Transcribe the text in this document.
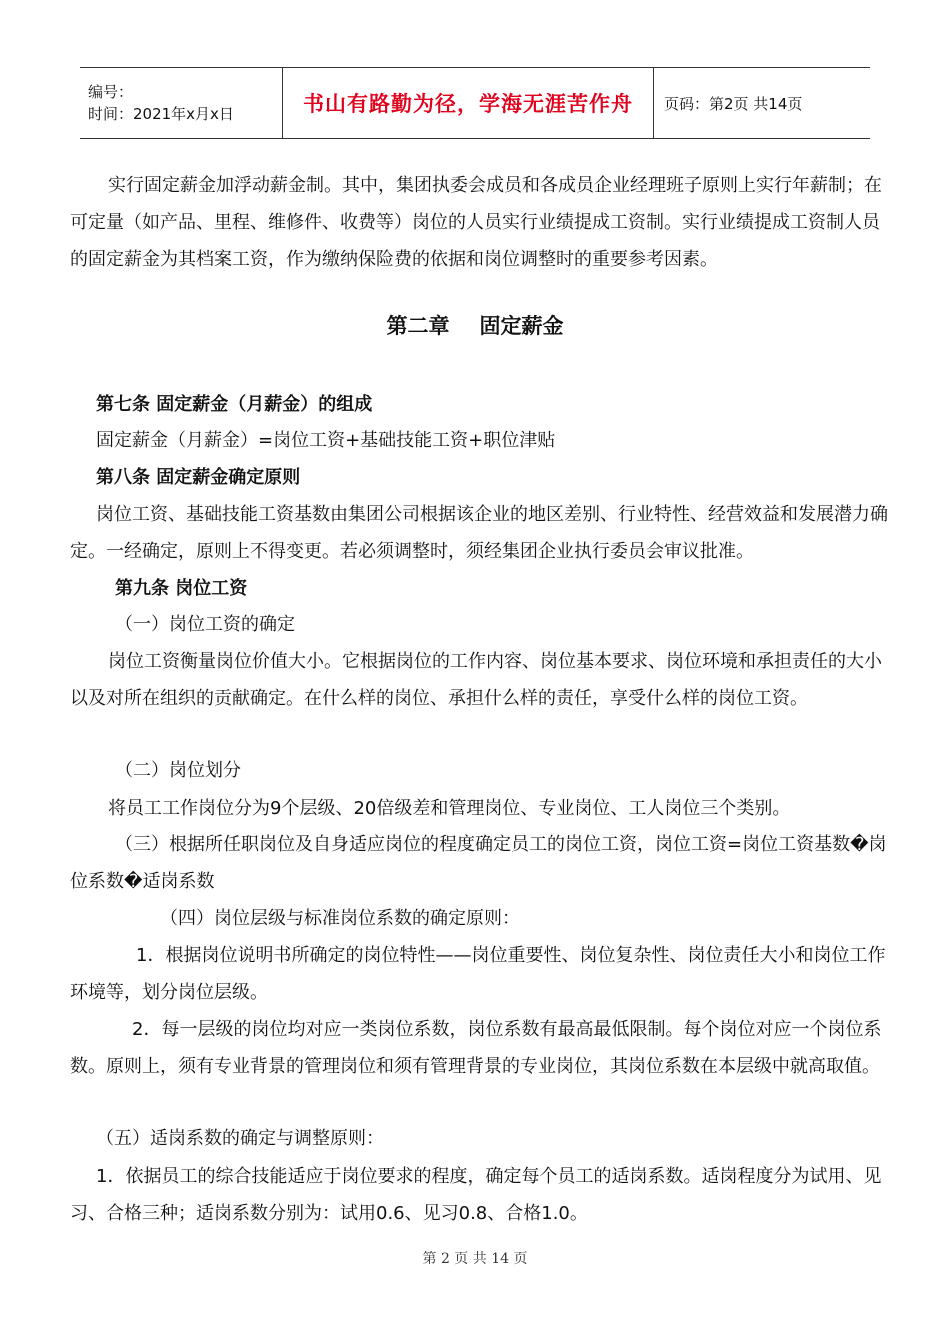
编号：
时间：2021年x月x日	书山有路勤为径，学海无涯苦作舟 页码：第2页 共14页

实行固定薪金加浮动薪金制。其中，集团执委会成员和各成员企业经理班子原则上实行年薪制；在可定量（如产品、里程、维修件、收费等）岗位的人员实行业绩提成工资制。实行业绩提成工资制人员的固定薪金为其档案工资，作为缴纳保险费的依据和岗位调整时的重要参考因素。

第二章 固定薪金

第七条 固定薪金（月薪金）的组成

固定薪金（月薪金）=岗位工资+基础技能工资+职位津贴

第八条 固定薪金确定原则

岗位工资、基础技能工资基数由集团公司根据该企业的地区差别、行业特性、经营效益和发展潜力确定。一经确定，原则上不得变更。若必须调整时，须经集团企业执行委员会审议批准。

第九条 岗位工资

（一）岗位工资的确定

岗位工资衡量岗位价值大小。它根据岗位的工作内容、岗位基本要求、岗位环境和承担责任的大小以及对所在组织的贡献确定。在什么样的岗位、承担什么样的责任，享受什么样的岗位工资。

（二）岗位划分

将员工工作岗位分为9个层级、20倍级差和管理岗位、专业岗位、工人岗位三个类别。

（三）根据所任职岗位及自身适应岗位的程度确定员工的岗位工资，岗位工资=岗位工资基数�岗位系数�适岗系数

（四）岗位层级与标准岗位系数的确定原则：

1．根据岗位说明书所确定的岗位特性——岗位重要性、岗位复杂性、岗位责任大小和岗位工作环境等，划分岗位层级。

2．每一层级的岗位均对应一类岗位系数，岗位系数有最高最低限制。每个岗位对应一个岗位系数。原则上，须有专业背景的管理岗位和须有管理背景的专业岗位，其岗位系数在本层级中就高取值。

（五）适岗系数的确定与调整原则：

1．依据员工的综合技能适应于岗位要求的程度，确定每个员工的适岗系数。适岗程度分为试用、见习、合格三种；适岗系数分别为：试用0.6、见习0.8、合格1.0。

第 2 页 共 14 页
